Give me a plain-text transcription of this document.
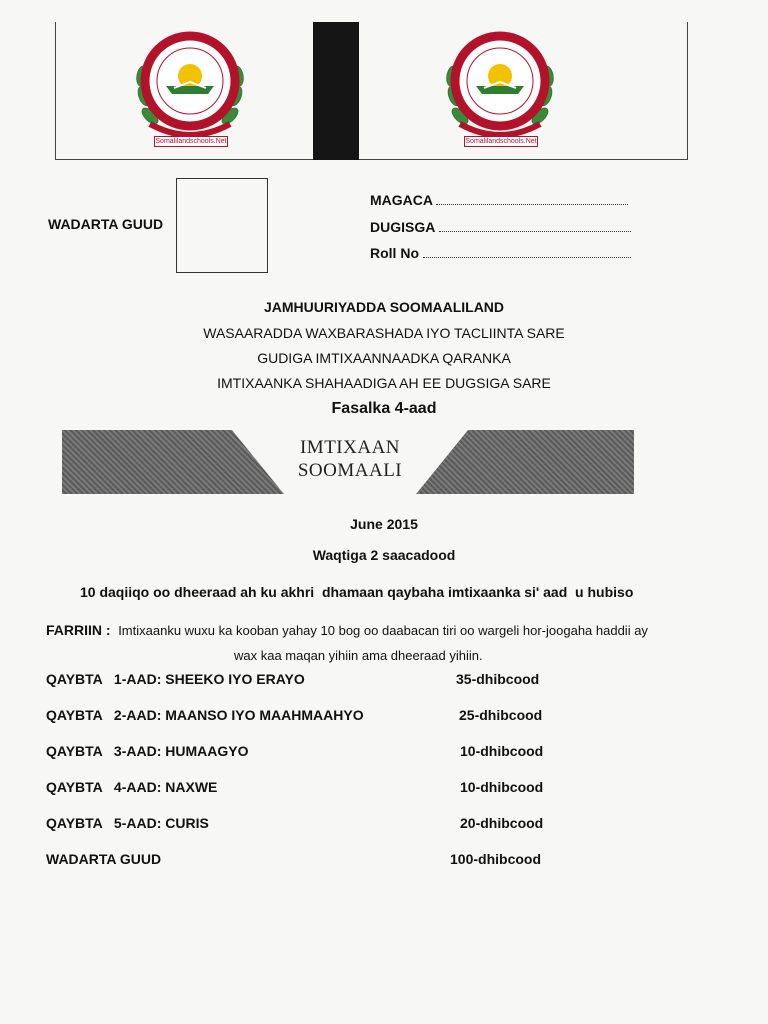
Somalilandschools.Net	Somalilandschools.Net
WADARTA GUUD
MAGACA
DUGISGA
Roll No
JAMHUURIYADDA SOOMAALILAND
WASAARADDA WAXBARASHADA IYO TACLIINTA SARE
GUDIGA IMTIXAANNAADKA QARANKA
IMTIXAANKA SHAHAADIGA AH EE DUGSIGA SARE
Fasalka 4-aad
IMTIXAAN
SOOMAALI
June 2015
Waqtiga 2 saacadood
10 daqiiqo oo dheeraad ah ku akhri  dhamaan qaybaha imtixaanka si' aad  u hubiso
FARRIIN : Imtixaanku wuxu ka kooban yahay 10 bog oo daabacan tiri oo wargeli hor-joogaha haddii ay
wax kaa maqan yihiin ama dheeraad yihiin.
QAYBTA   1-AAD: SHEEKO IYO ERAYO	35-dhibcood
QAYBTA   2-AAD: MAANSO IYO MAAHMAAHYO	25-dhibcood
QAYBTA   3-AAD: HUMAAGYO	10-dhibcood
QAYBTA   4-AAD: NAXWE	10-dhibcood
QAYBTA   5-AAD: CURIS	20-dhibcood
WADARTA GUUD	100-dhibcood
